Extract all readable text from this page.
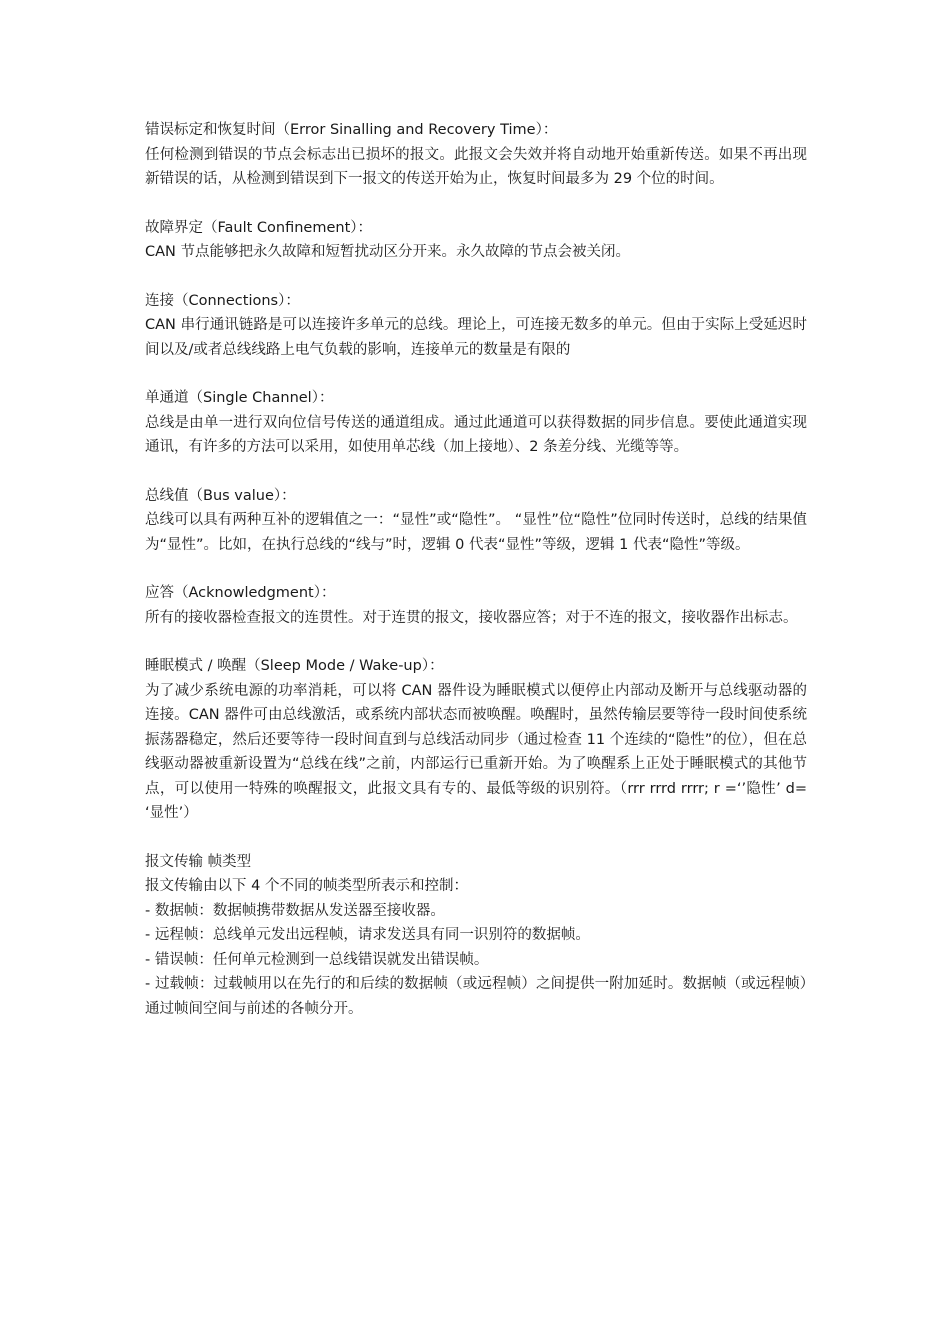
错误标定和恢复时间（Error Sinalling and Recovery Time）：

任何检测到错误的节点会标志出已损坏的报文。此报文会失效并将自动地开始重新传送。如果不再出现新错误的话，从检测到错误到下一报文的传送开始为止，恢复时间最多为 29 个位的时间。

故障界定（Fault Confinement）：

CAN 节点能够把永久故障和短暂扰动区分开来。永久故障的节点会被关闭。

连接（Connections）：

CAN 串行通讯链路是可以连接许多单元的总线。理论上，可连接无数多的单元。但由于实际上受延迟时间以及/或者总线线路上电气负载的影响，连接单元的数量是有限的

单通道（Single Channel）：

总线是由单一进行双向位信号传送的通道组成。通过此通道可以获得数据的同步信息。要使此通道实现通讯，有许多的方法可以采用，如使用单芯线（加上接地）、2 条差分线、光缆等等。

总线值（Bus value）：

总线可以具有两种互补的逻辑值之一：“显性”或“隐性”。 “显性”位“隐性”位同时传送时，总线的结果值为“显性”。比如，在执行总线的“线与”时，逻辑 0 代表“显性”等级，逻辑 1 代表“隐性”等级。

应答（Acknowledgment）：

所有的接收器检查报文的连贯性。对于连贯的报文，接收器应答；对于不连的报文，接收器作出标志。

睡眠模式 / 唤醒（Sleep Mode / Wake-up）：

为了减少系统电源的功率消耗，可以将 CAN 器件设为睡眠模式以便停止内部动及断开与总线驱动器的连接。CAN 器件可由总线激活，或系统内部状态而被唤醒。唤醒时，虽然传输层要等待一段时间使系统振荡器稳定，然后还要等待一段时间直到与总线活动同步（通过检查 11 个连续的“隐性”的位），但在总线驱动器被重新设置为“总线在线”之前，内部运行已重新开始。为了唤醒系上正处于睡眠模式的其他节点，可以使用一特殊的唤醒报文，此报文具有专的、最低等级的识别符。（rrr rrrd rrrr; r =‘’隐性’ d= ‘显性’）

报文传输 帧类型

报文传输由以下 4 个不同的帧类型所表示和控制：

- 数据帧：数据帧携带数据从发送器至接收器。

- 远程帧：总线单元发出远程帧，请求发送具有同一识别符的数据帧。

- 错误帧：任何单元检测到一总线错误就发出错误帧。

- 过载帧：过载帧用以在先行的和后续的数据帧（或远程帧）之间提供一附加延时。数据帧（或远程帧）通过帧间空间与前述的各帧分开。
